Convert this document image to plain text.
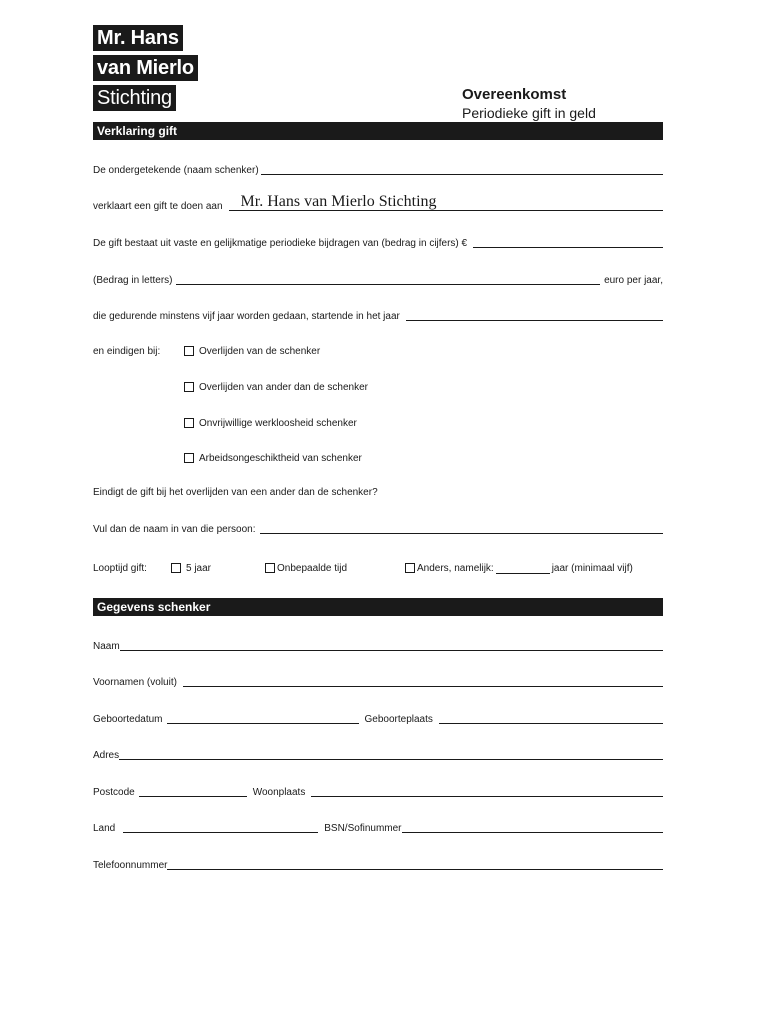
Mr. Hans
van Mierlo
Stichting	Overeenkomst
Periodieke gift in geld
Verklaring gift
De ondergetekende (naam schenker)
verklaart een gift te doen aan Mr. Hans van Mierlo Stichting
De gift bestaat uit vaste en gelijkmatige periodieke bijdragen van (bedrag in cijfers) €
(Bedrag in letters)	euro per jaar,
die gedurende minstens vijf jaar worden gedaan, startende in het jaar
en eindigen bij:	Overlijden van de schenker
Overlijden van ander dan de schenker
Onvrijwillige werkloosheid schenker
Arbeidsongeschiktheid van schenker
Eindigt de gift bij het overlijden van een ander dan de schenker?
Vul dan de naam in van die persoon:
Looptijd gift:	5 jaar	Onbepaalde tijd	Anders, namelijk:	jaar (minimaal vijf)
Gegevens schenker
Naam
Voornamen (voluit)
Geboortedatum	Geboorteplaats
Adres
Postcode	Woonplaats
Land	BSN/Sofinummer
Telefoonnummer
